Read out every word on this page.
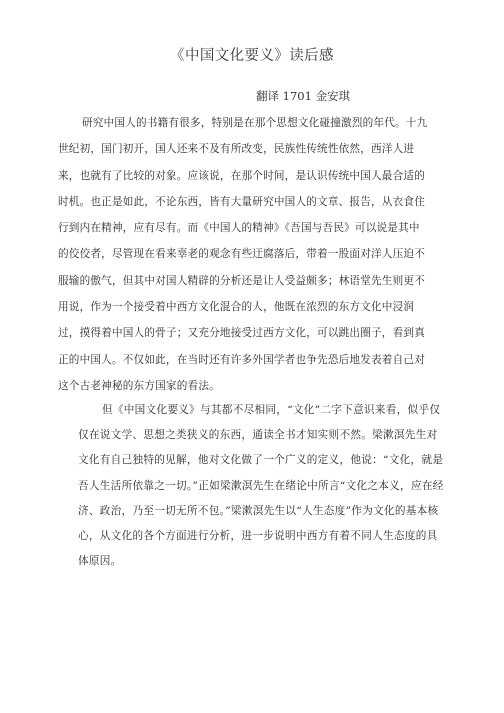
《中国文化要义》读后感
翻译 1701 金安琪
研究中国人的书籍有很多，特别是在那个思想文化碰撞激烈的年代。十九
世纪初，国门初开，国人还来不及有所改变，民族性传统性依然，西洋人进
来，也就有了比较的对象。应该说，在那个时间，是认识传统中国人最合适的
时机。也正是如此，不论东西，皆有大量研究中国人的文章、报告，从衣食住
行到内在精神，应有尽有。而《中国人的精神》《吾国与吾民》可以说是其中
的佼佼者，尽管现在看来辜老的观念有些迂腐落后，带着一股面对洋人压迫不
服输的傲气，但其中对国人精辟的分析还是让人受益颇多；林语堂先生则更不
用说，作为一个接受着中西方文化混合的人，他既在浓烈的东方文化中浸润
过，摸得着中国人的骨子；又充分地接受过西方文化，可以跳出圈子，看到真
正的中国人。不仅如此，在当时还有许多外国学者也争先恐后地发表着自己对
这个古老神秘的东方国家的看法。
但《中国文化要义》与其都不尽相同，“文化”二字下意识来看，似乎仅
仅在说文学、思想之类狭义的东西，通读全书才知实则不然。梁漱溟先生对
文化有自己独特的见解，他对文化做了一个广义的定义，他说：“文化，就是
吾人生活所依靠之一切。”正如梁漱溟先生在绪论中所言“文化之本义，应在经
济、政治，乃至一切无所不包。”梁漱溟先生以“人生态度”作为文化的基本核
心，从文化的各个方面进行分析，进一步说明中西方有着不同人生态度的具
体原因。
